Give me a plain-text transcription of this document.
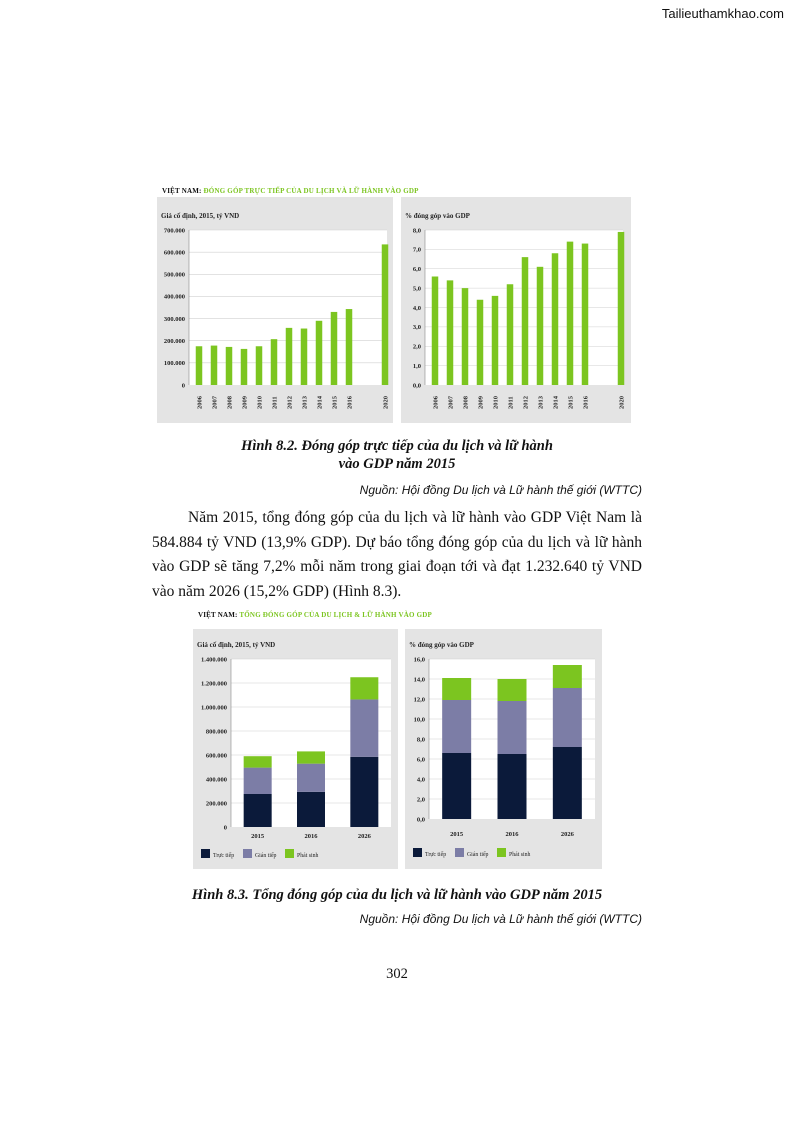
Tailieuthamkhao.com
VIỆT NAM: ĐÓNG GÓP TRỰC TIẾP CỦA DU LỊCH VÀ LỮ HÀNH VÀO GDP
Giá cố định, 2015, tỷ VND
0
100.000
200.000
300.000
400.000
500.000
600.000
700.000
2006 2007 2008 2009 2010 2011 2012 2013 2014 2015 2016	2020
% đóng góp vào GDP
0,0
1,0
2,0
3,0
4,0
5,0
6,0
7,0
8,0
2006 2007 2008 2009 2010 2011 2012 2013 2014 2015 2016	2020
Hình 8.2. Đóng góp trực tiếp của du lịch và lữ hành
vào GDP năm 2015
Nguồn: Hội đồng Du lịch và Lữ hành thế giới (WTTC)

Năm 2015, tổng đóng góp của du lịch và lữ hành vào GDP Việt Nam là 584.884 tỷ VND (13,9% GDP). Dự báo tổng đóng góp của du lịch và lữ hành vào GDP sẽ tăng 7,2% mỗi năm trong giai đoạn tới và đạt 1.232.640 tỷ VND vào năm 2026 (15,2% GDP) (Hình 8.3).

VIỆT NAM: TỔNG ĐÓNG GÓP CỦA DU LỊCH & LỮ HÀNH VÀO GDP
Giá cố định, 2015, tỷ VND
0
200.000
400.000
600.000
800.000
1.000.000
1.200.000
1.400.000
2015	2016	2026
Trực tiếp	Gián tiếp	Phát sinh
% đóng góp vào GDP
0,0
2,0
4,0
6,0
8,0
10,0
12,0
14,0
16,0
2015	2016	2026
Trực tiếp	Gián tiếp	Phát sinh
Hình 8.3. Tổng đóng góp của du lịch và lữ hành vào GDP năm 2015
Nguồn: Hội đồng Du lịch và Lữ hành thế giới (WTTC)
302
